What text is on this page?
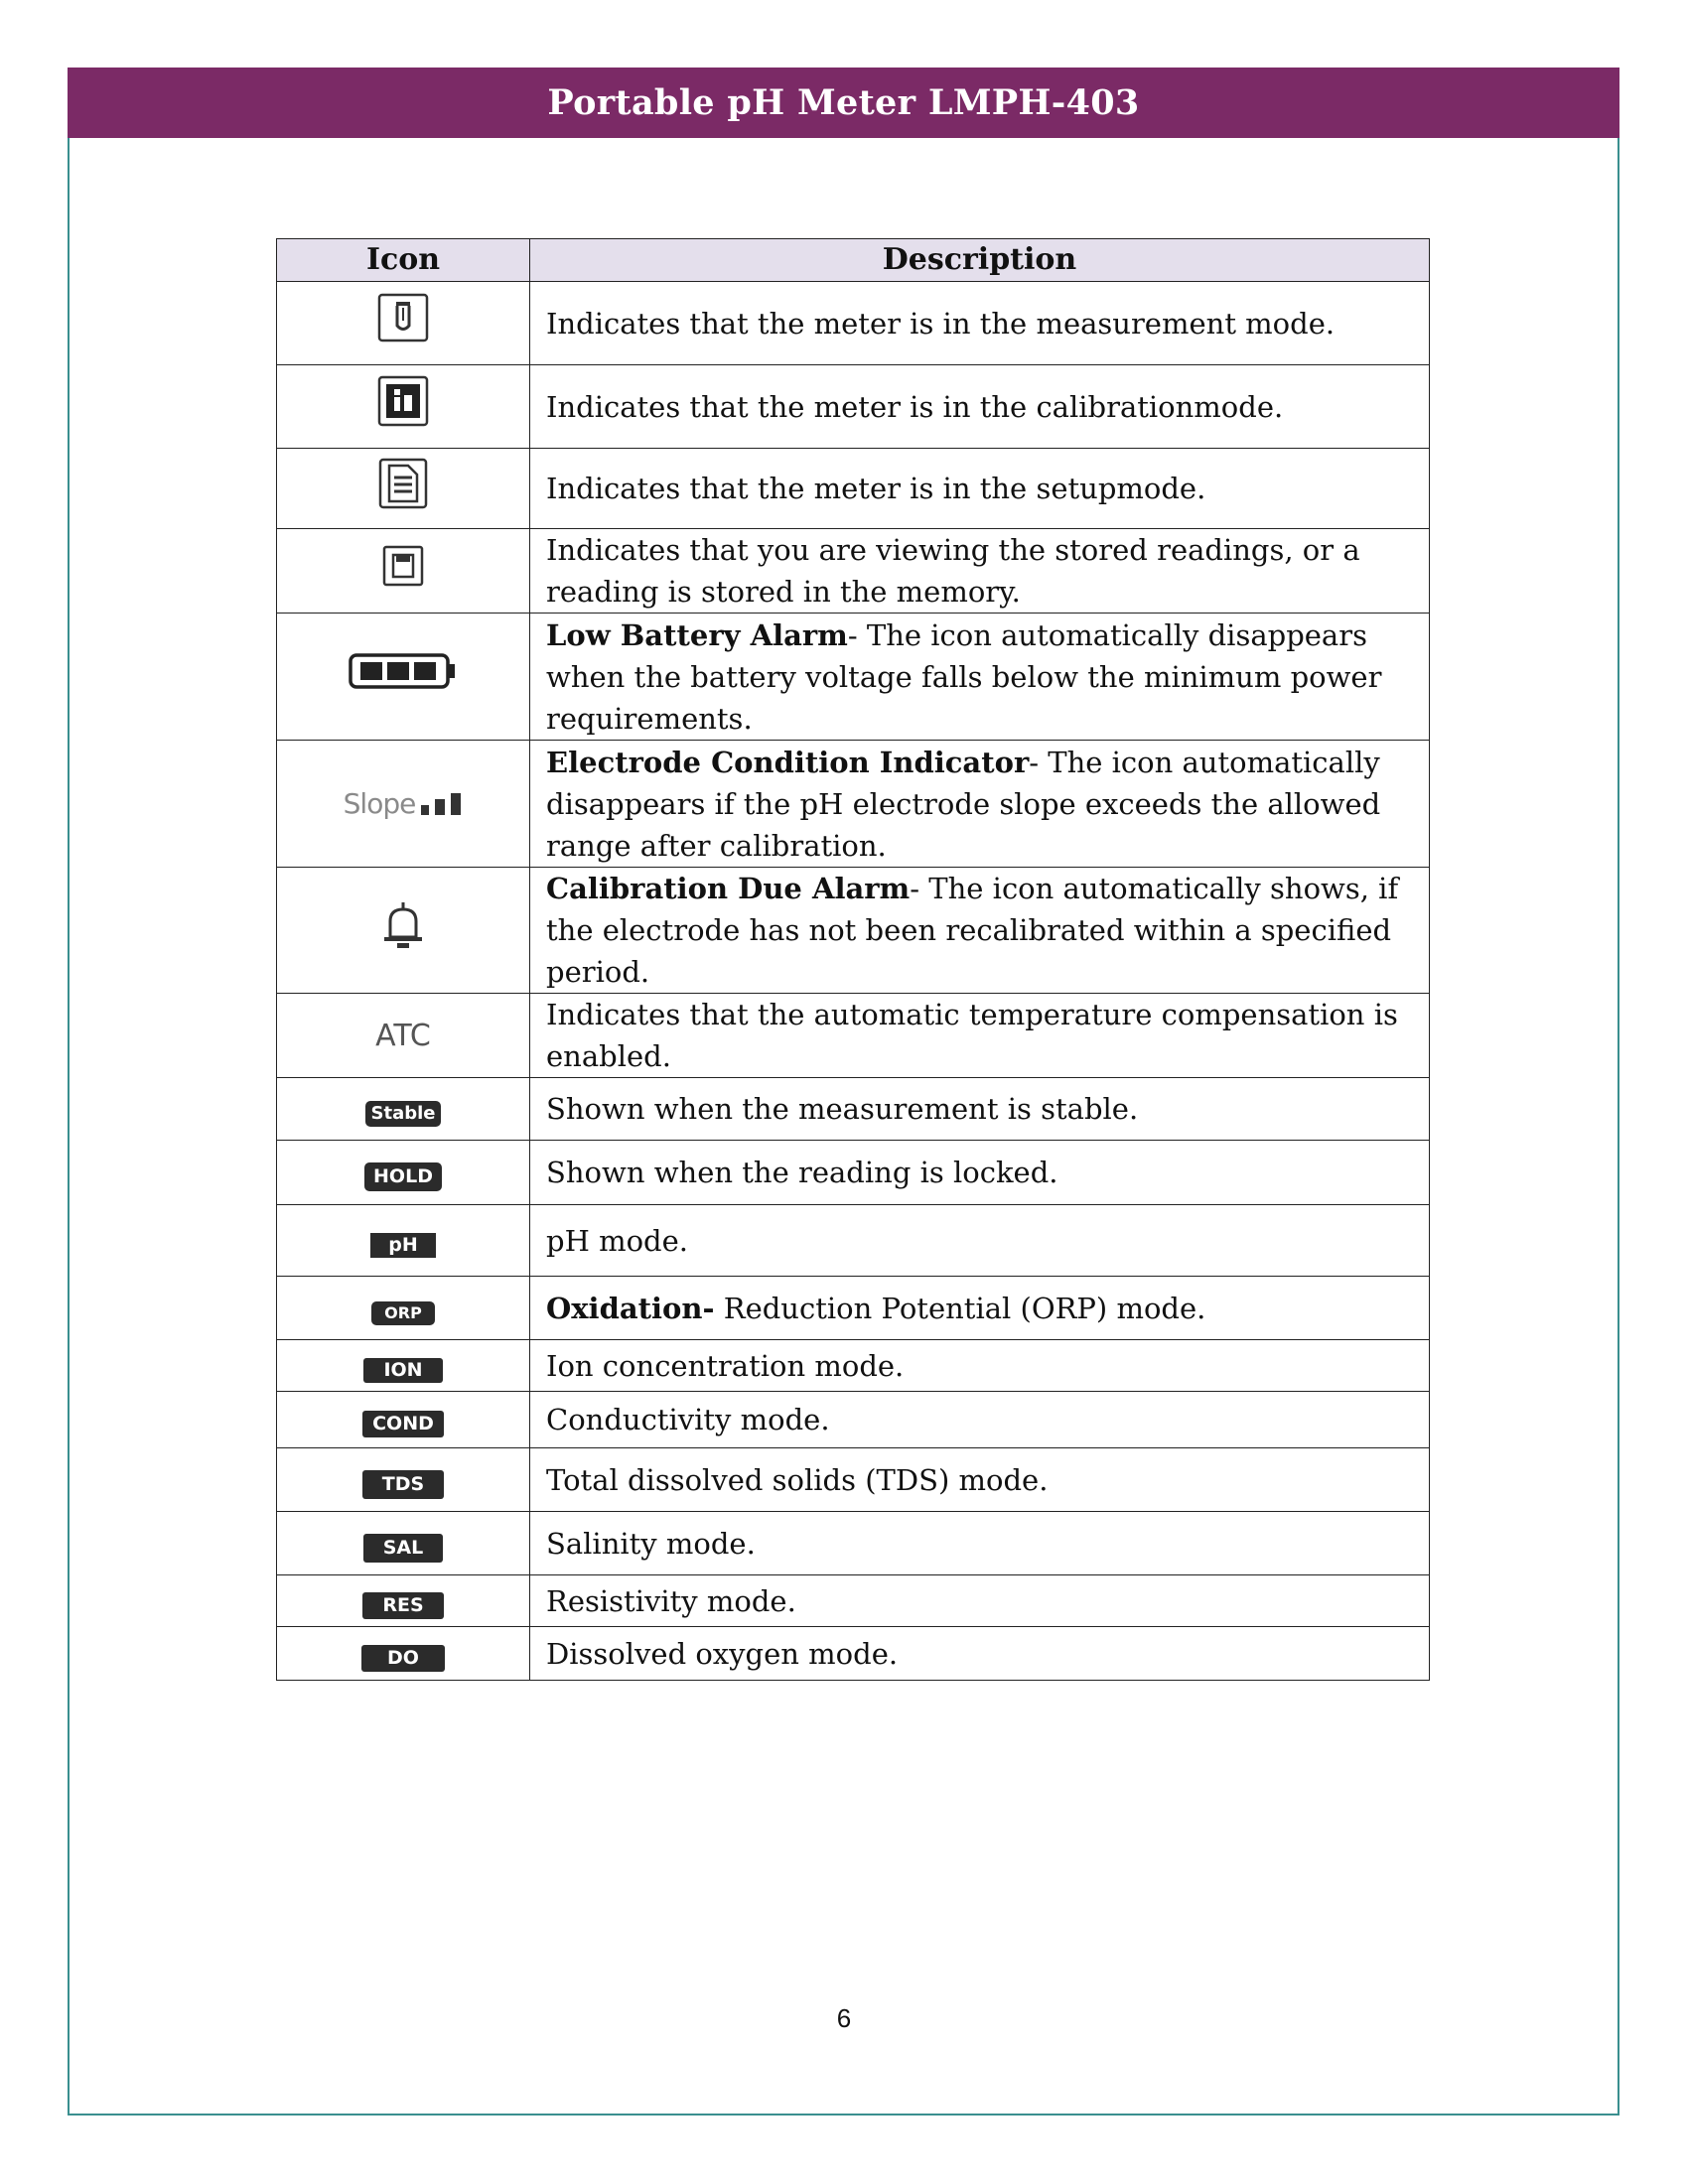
Portable pH Meter LMPH-403
Icon	Description

	Indicates that the meter is in the measurement mode.

	Indicates that the meter is in the calibrationmode.

	Indicates that the meter is in the setupmode.

	Indicates that you are viewing the stored readings, or a reading is stored in the memory.

	Low Battery Alarm- The icon automatically disappears when the battery voltage falls below the minimum power requirements.

Slope	Electrode Condition Indicator- The icon automatically disappears if the pH electrode slope exceeds the allowed range after calibration.

	Calibration Due Alarm- The icon automatically shows, if the electrode has not been recalibrated within a specified period.
ATC	Indicates that the automatic temperature compensation is enabled.
Stable	Shown when the measurement is stable.
HOLD	Shown when the reading is locked.
pH	pH mode.
ORP	Oxidation- Reduction Potential (ORP) mode.
ION	Ion concentration mode.
COND	Conductivity mode.
TDS	Total dissolved solids (TDS) mode.
SAL	Salinity mode.
RES	Resistivity mode.
DO	Dissolved oxygen mode.
6
